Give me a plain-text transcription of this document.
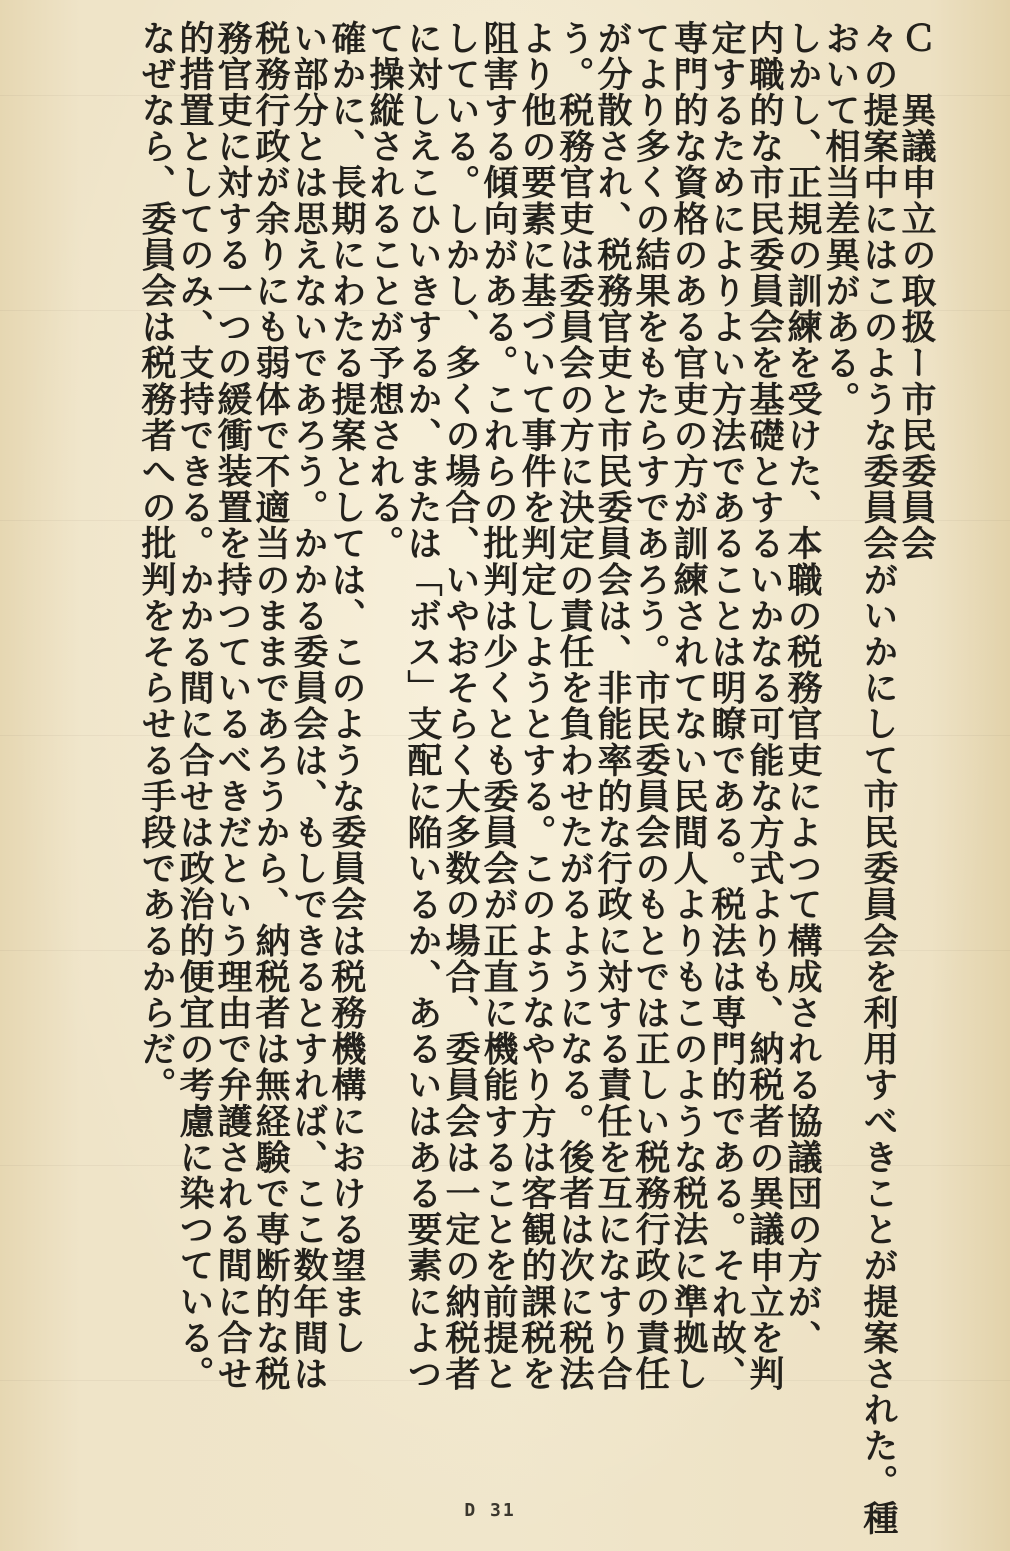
Ｃ　異議申立の取扱ー市民委員会
々の提案中にはこのような委員会がいかにして市民委員会を利用すべきことが提案された。種
おいて相当差異がある。
しかし、正規の訓練を受けた、本職の税務官吏によつて構成される協議団の方が、
内職的な市民委員会を基礎とするいかなる可能な方式よりも、納税者の異議申立を判
定するためによりよい方法であることは明瞭である。税法は専門的である。それ故、
専門的な資格のある官吏の方が訓練されてない民間人よりもこのような税法に準拠し
てより多くの結果をもたらすであろう。市民委員会のもとでは正しい税務行政の責任
が分散され、税務官吏と市民委員会は、非能率的な行政に対する責任を互になすり合
う。税務官吏は委員会の方に決定の責任を負わせたがるようになる。後者は次に税法
より他の要素に基づいて事件を判定しようとする。このようなやり方は客観的課税を
阻害する傾向がある。これらの批判は少くとも委員会が正直に機能することを前提と
している。しかし、多くの場合、いやおそらく大多数の場合、委員会は一定の納税者
に対しえこひいきするか、または「ボス」支配に陥いるか、あるいはある要素によつ
て操縦されることが予想される。
確かに、長期にわたる提案としては、このような委員会は税務機構における望まし
い部分とは思えないであろう。かかる委員会は、もしできるとすれば、ここ数年間は
税務行政が余りにも弱体で不適当のままであろうから、納税者は無経験で専断的な税
務官吏に対する一つの緩衝装置を持つているべきだという理由で弁護される間に合せ
的措置としてのみ、支持できる。かかる間に合せは政治的便宜の考慮に染つている。
なぜなら、委員会は税務者への批判をそらせる手段であるからだ。
D 31
